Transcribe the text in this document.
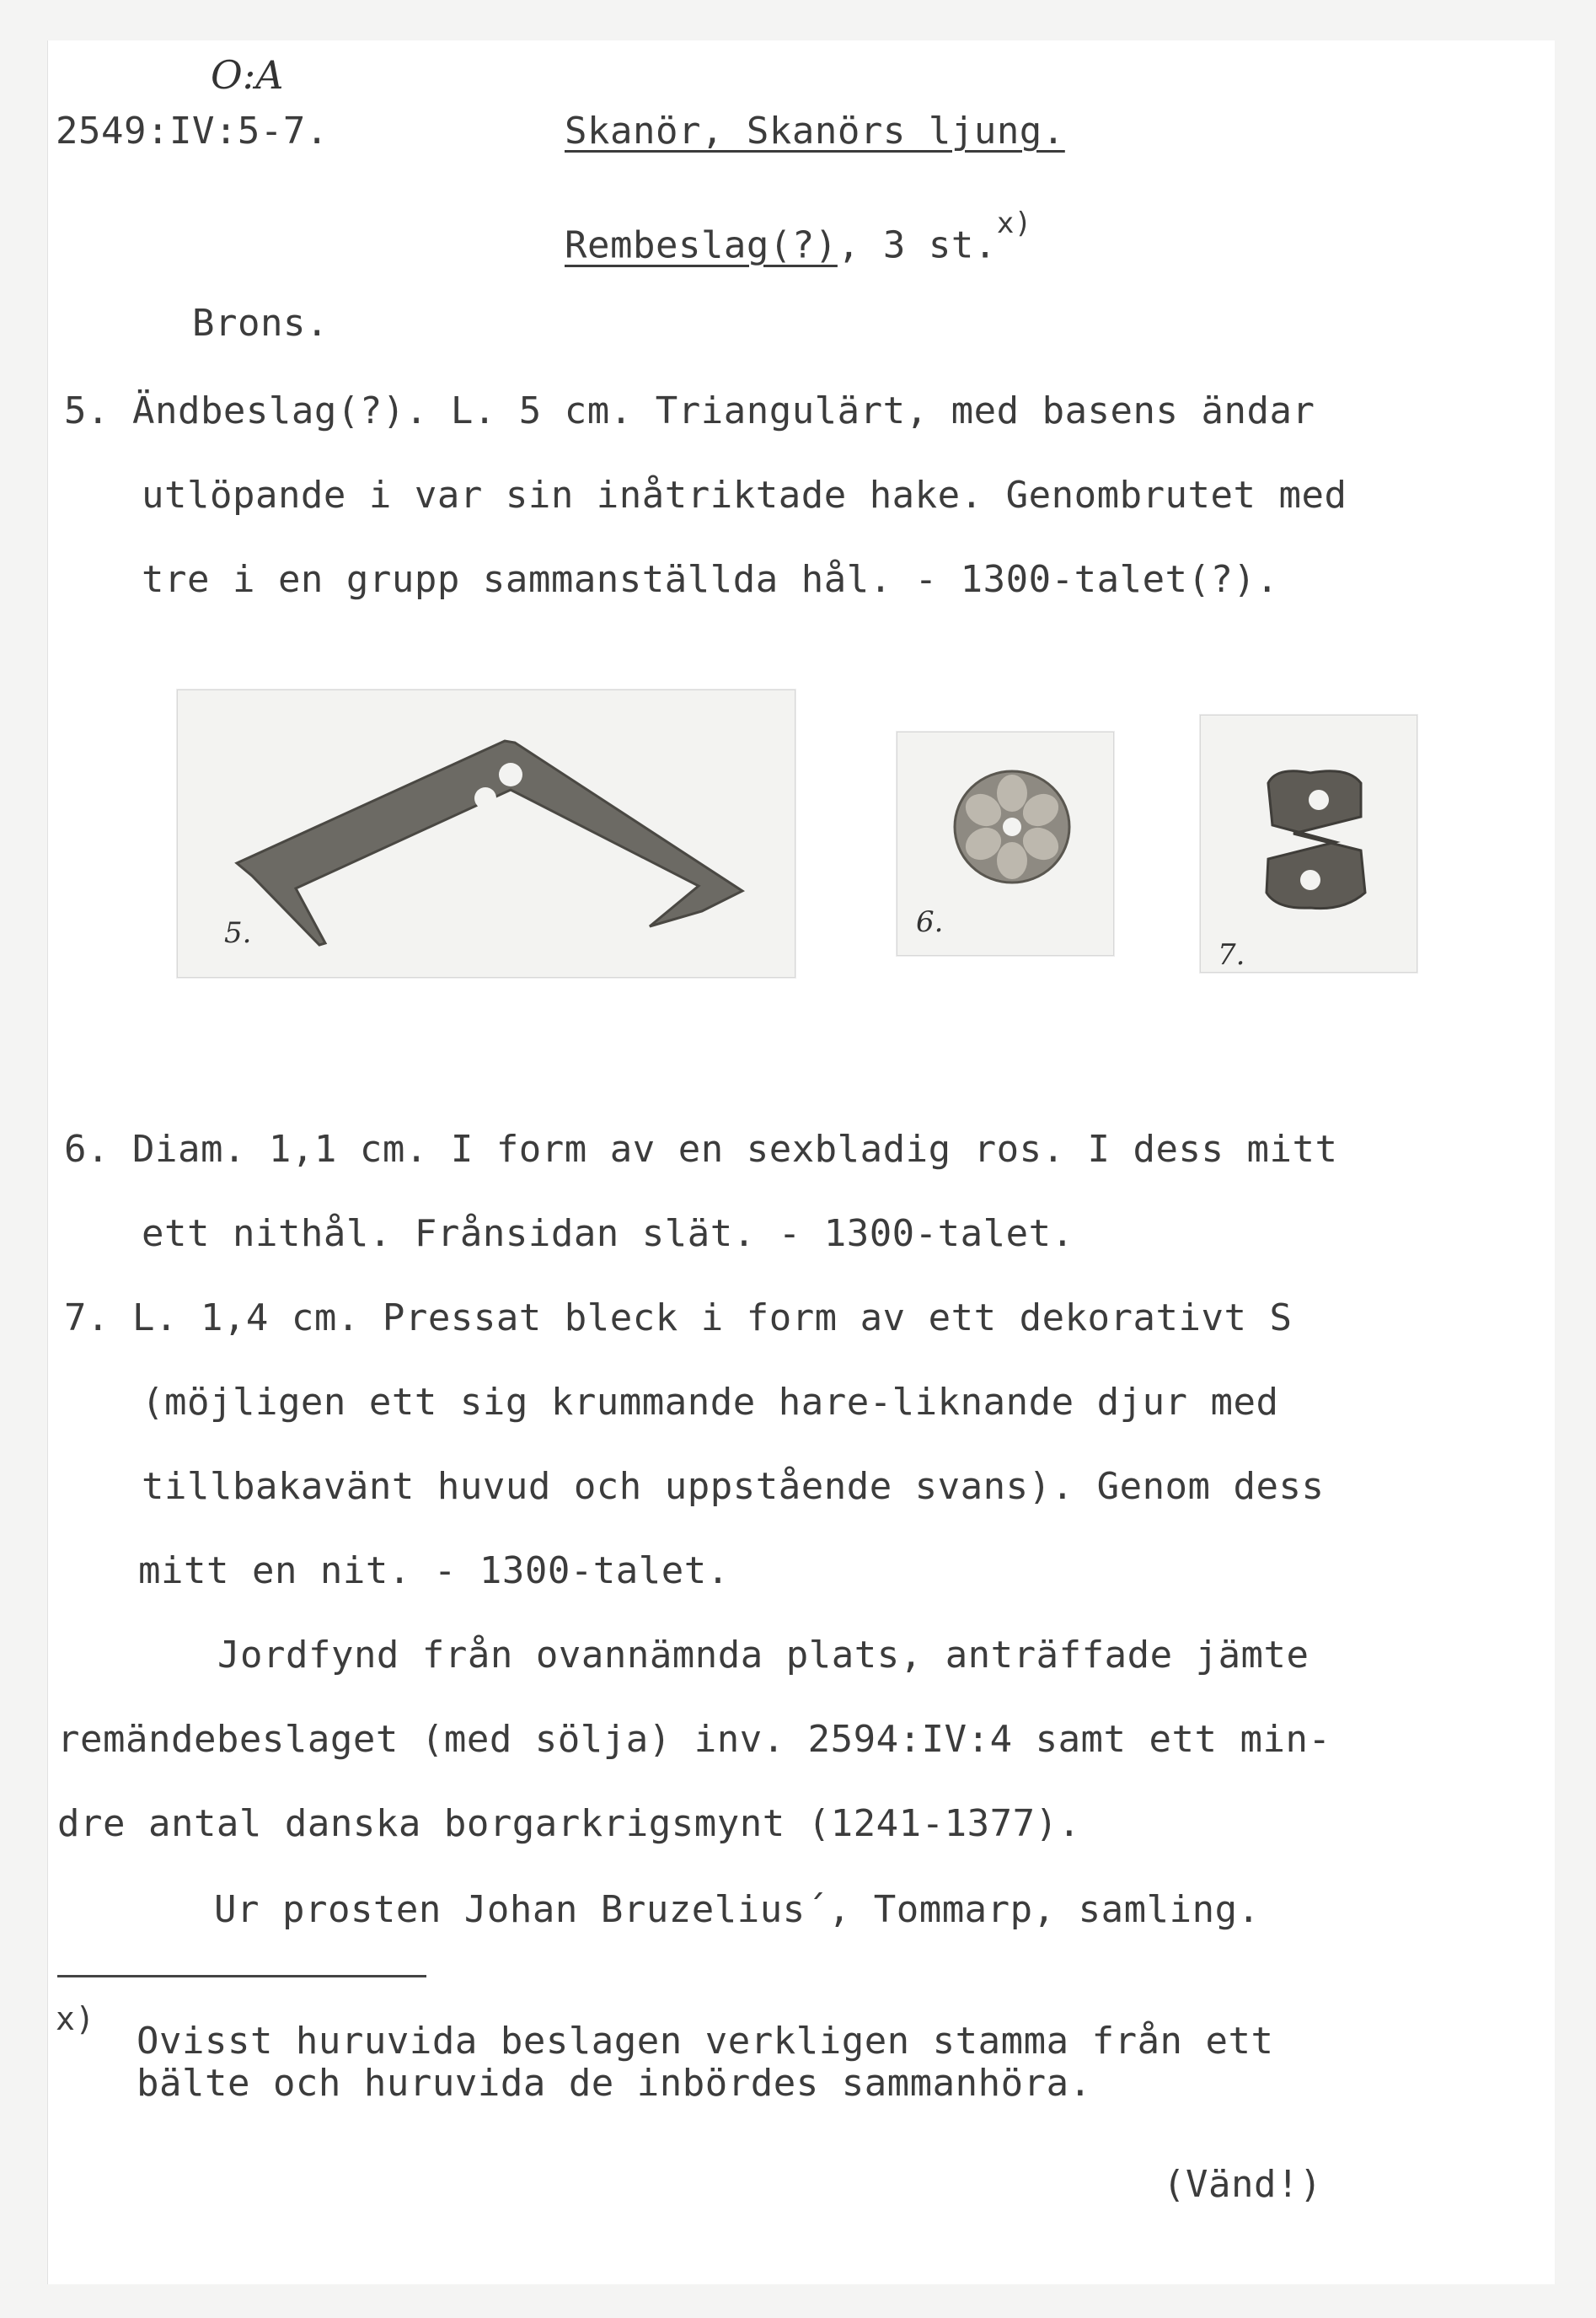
O:A
2549:IV:5-7.	Skanör, Skanörs ljung.
Rembeslag(?), 3 st.$^{x)}$
Brons.
5. Ändbeslag(?). L. 5 cm. Triangulärt, med basens ändar
utlöpande i var sin inåtriktade hake. Genombrutet med
tre i en grupp sammanställda hål. - 1300-talet(?).
5.	6.
7.
6. Diam. 1,1 cm. I form av en sexbladig ros. I dess mitt
ett nithål. Frånsidan slät. - 1300-talet.
7. L. 1,4 cm. Pressat bleck i form av ett dekorativt S
(möjligen ett sig krummande hare-liknande djur med
tillbakavänt huvud och uppstående svans). Genom dess
mitt en nit. - 1300-talet.
Jordfynd från ovannämnda plats, anträffade jämte
remändebeslaget (med sölja) inv. 2594:IV:4 samt ett min-
dre antal danska borgarkrigsmynt (1241-1377).
Ur prosten Johan Bruzelius´, Tommarp, samling.
x)
Ovisst huruvida beslagen verkligen stamma från ett
bälte och huruvida de inbördes sammanhöra.
(Vänd!)
